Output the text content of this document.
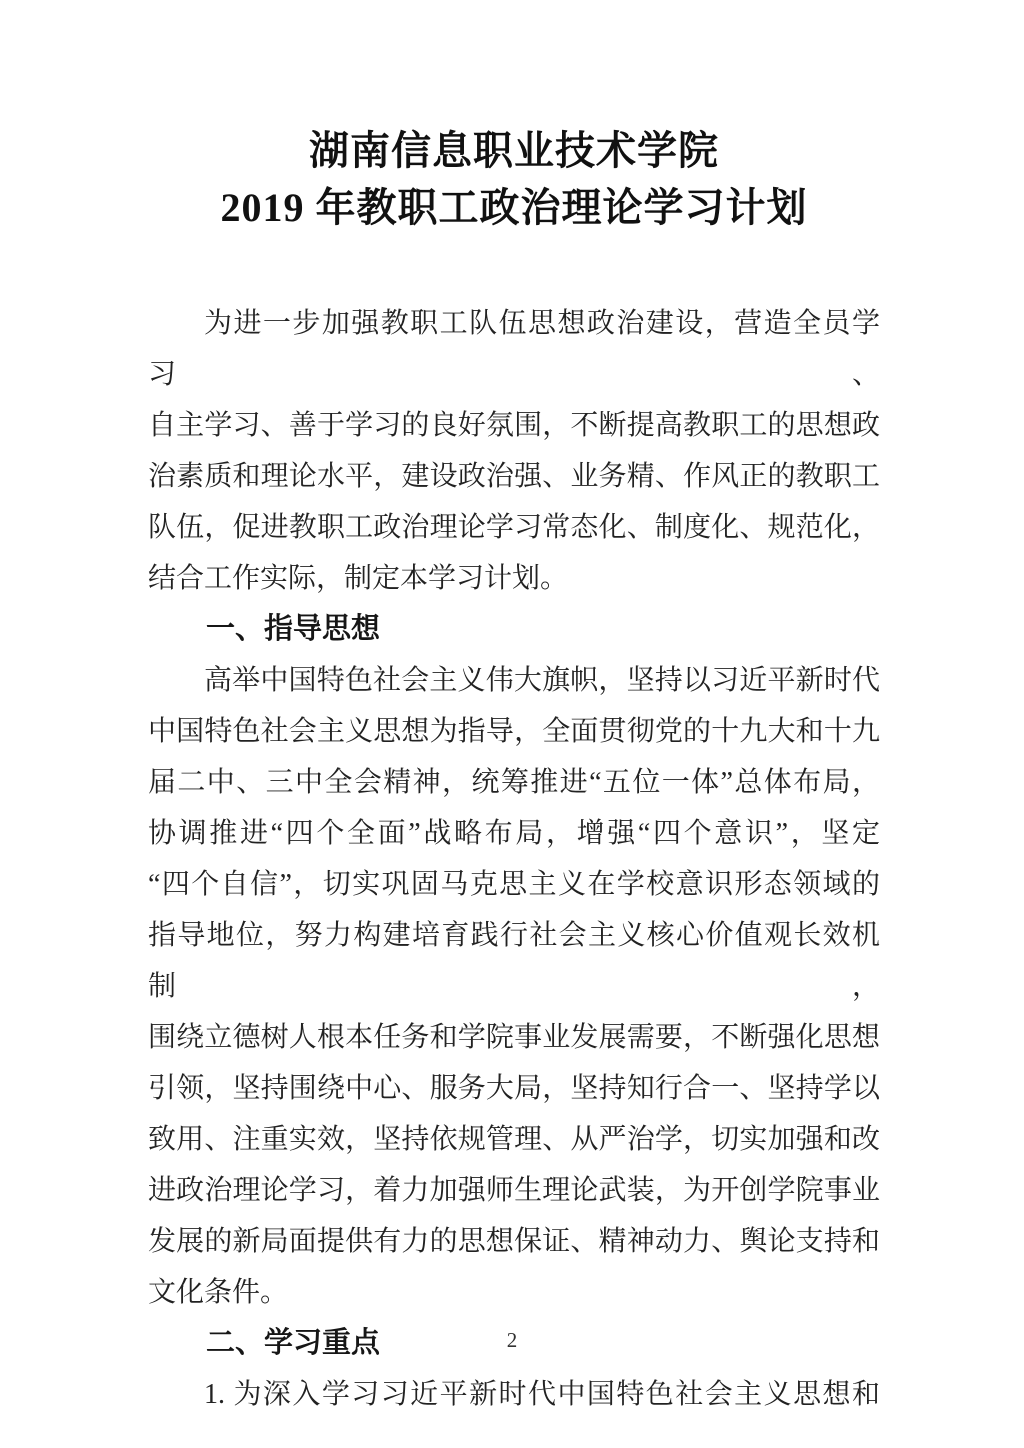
湖南信息职业技术学院
2019 年教职工政治理论学习计划
为进一步加强教职工队伍思想政治建设，营造全员学习、
自主学习、善于学习的良好氛围，不断提高教职工的思想政
治素质和理论水平，建设政治强、业务精、作风正的教职工
队伍，促进教职工政治理论学习常态化、制度化、规范化，
结合工作实际，制定本学习计划。
一、指导思想
高举中国特色社会主义伟大旗帜，坚持以习近平新时代
中国特色社会主义思想为指导，全面贯彻党的十九大和十九
届二中、三中全会精神，统筹推进“五位一体”总体布局，
协调推进“四个全面”战略布局，增强“四个意识”，坚定
“四个自信”，切实巩固马克思主义在学校意识形态领域的
指导地位，努力构建培育践行社会主义核心价值观长效机制，
围绕立德树人根本任务和学院事业发展需要，不断强化思想
引领，坚持围绕中心、服务大局，坚持知行合一、坚持学以
致用、注重实效，坚持依规管理、从严治学，切实加强和改
进政治理论学习，着力加强师生理论武装，为开创学院事业
发展的新局面提供有力的思想保证、精神动力、舆论支持和
文化条件。
二、学习重点
1. 为深入学习习近平新时代中国特色社会主义思想和
2
